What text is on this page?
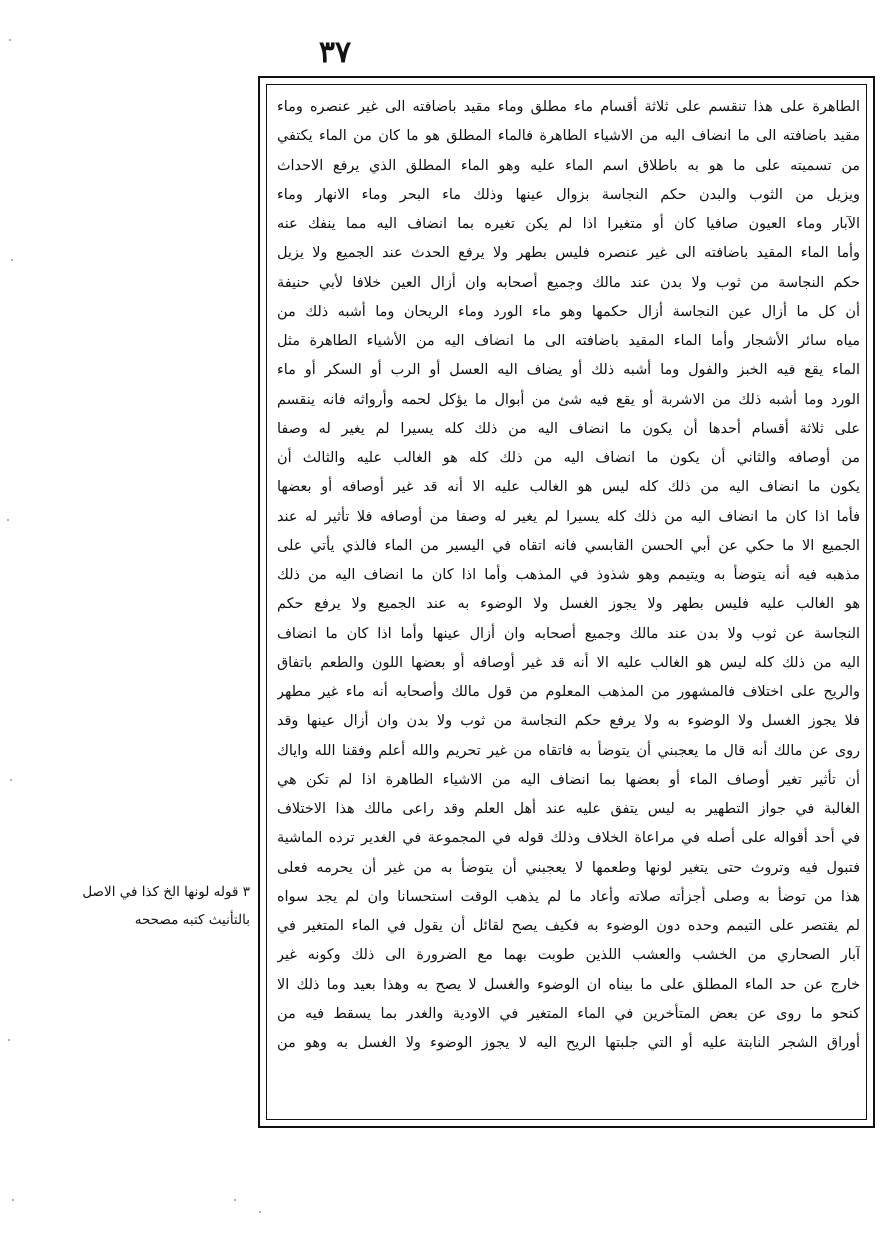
٣٧
الطاهرة على هذا تنقسم على ثلاثة أقسام ماء مطلق وماء مقيد باضافته الى غير عنصره وماء
مقيد باضافته الى ما انضاف اليه من الاشياء الطاهرة فالماء المطلق هو ما كان من الماء يكتفي
من تسميته على ما هو به باطلاق اسم الماء عليه وهو الماء المطلق الذي يرفع الاحداث
ويزيل من الثوب والبدن حكم النجاسة بزوال عينها وذلك ماء البحر وماء الانهار وماء
الآبار وماء العيون صافيا كان أو متغيرا اذا لم يكن تغيره بما انضاف اليه مما ينفك عنه
وأما الماء المقيد باضافته الى غير عنصره فليس بطهر ولا يرفع الحدث عند الجميع ولا يزيل
حكم النجاسة من ثوب ولا بدن عند مالك وجميع أصحابه وان أزال العين خلافا لأبي حنيفة
أن كل ما أزال عين النجاسة أزال حكمها وهو ماء الورد وماء الريحان وما أشبه ذلك من
مياه سائر الأشجار وأما الماء المقيد باضافته الى ما انضاف اليه من الأشياء الطاهرة مثل
الماء يقع فيه الخبز والفول وما أشبه ذلك أو يضاف اليه العسل أو الرب أو السكر أو ماء
الورد وما أشبه ذلك من الاشربة أو يقع فيه شئ من أبوال ما يؤكل لحمه وأرواثه فانه ينقسم
على ثلاثة أقسام أحدها أن يكون ما انضاف اليه من ذلك كله يسيرا لم يغير له وصفا
من أوصافه والثاني أن يكون ما انضاف اليه من ذلك كله هو الغالب عليه والثالث أن
يكون ما انضاف اليه من ذلك كله ليس هو الغالب عليه الا أنه قد غير أوصافه أو بعضها
فأما اذا كان ما انضاف اليه من ذلك كله يسيرا لم يغير له وصفا من أوصافه فلا تأثير له عند
الجميع الا ما حكي عن أبي الحسن القابسي فانه اتقاه في اليسير من الماء فالذي يأتي على
مذهبه فيه أنه يتوضأ به ويتيمم وهو شذوذ في المذهب وأما اذا كان ما انضاف اليه من ذلك
هو الغالب عليه فليس بطهر ولا يجوز الغسل ولا الوضوء به عند الجميع ولا يرفع حكم
النجاسة عن ثوب ولا بدن عند مالك وجميع أصحابه وان أزال عينها وأما اذا كان ما انضاف
اليه من ذلك كله ليس هو الغالب عليه الا أنه قد غير أوصافه أو بعضها اللون والطعم باتفاق
والريح على اختلاف فالمشهور من المذهب المعلوم من قول مالك وأصحابه أنه ماء غير مطهر
فلا يجوز الغسل ولا الوضوء به ولا يرفع حكم النجاسة من ثوب ولا بدن وان أزال عينها وقد
روى عن مالك أنه قال ما يعجبني أن يتوضأ به فاتقاه من غير تحريم والله أعلم وفقنا الله واياك
أن تأثير تغير أوصاف الماء أو بعضها بما انضاف اليه من الاشياء الطاهرة اذا لم تكن هي
الغالبة في جواز التطهير به ليس يتفق عليه عند أهل العلم وقد راعى مالك هذا الاختلاف
في أحد أقواله على أصله في مراعاة الخلاف وذلك قوله في المجموعة في الغدير ترده الماشية
فتبول فيه وتروث حتى يتغير لونها وطعمها لا يعجبني أن يتوضأ به من غير أن يحرمه فعلى
هذا من توضأ به وصلى أجزأته صلاته وأعاد ما لم يذهب الوقت استحسانا وان لم يجد سواه
لم يقتصر على التيمم وحده دون الوضوء به فكيف يصح لقائل أن يقول في الماء المتغير في
آبار الصحاري من الخشب والعشب اللذين طوبت بهما مع الضرورة الى ذلك وكونه غير
خارج عن حد الماء المطلق على ما بيناه ان الوضوء والغسل لا يصح به وهذا بعيد وما ذلك الا
كنحو ما روى عن بعض المتأخرين في الماء المتغير في الاودية والغدر بما يسقط فيه من
أوراق الشجر النابتة عليه أو التي جلبتها الريح اليه لا يجوز الوضوء ولا الغسل به وهو من
٣ قوله لونها الخ كذا في الاصل
بالتأنيث كتبه مصححه
